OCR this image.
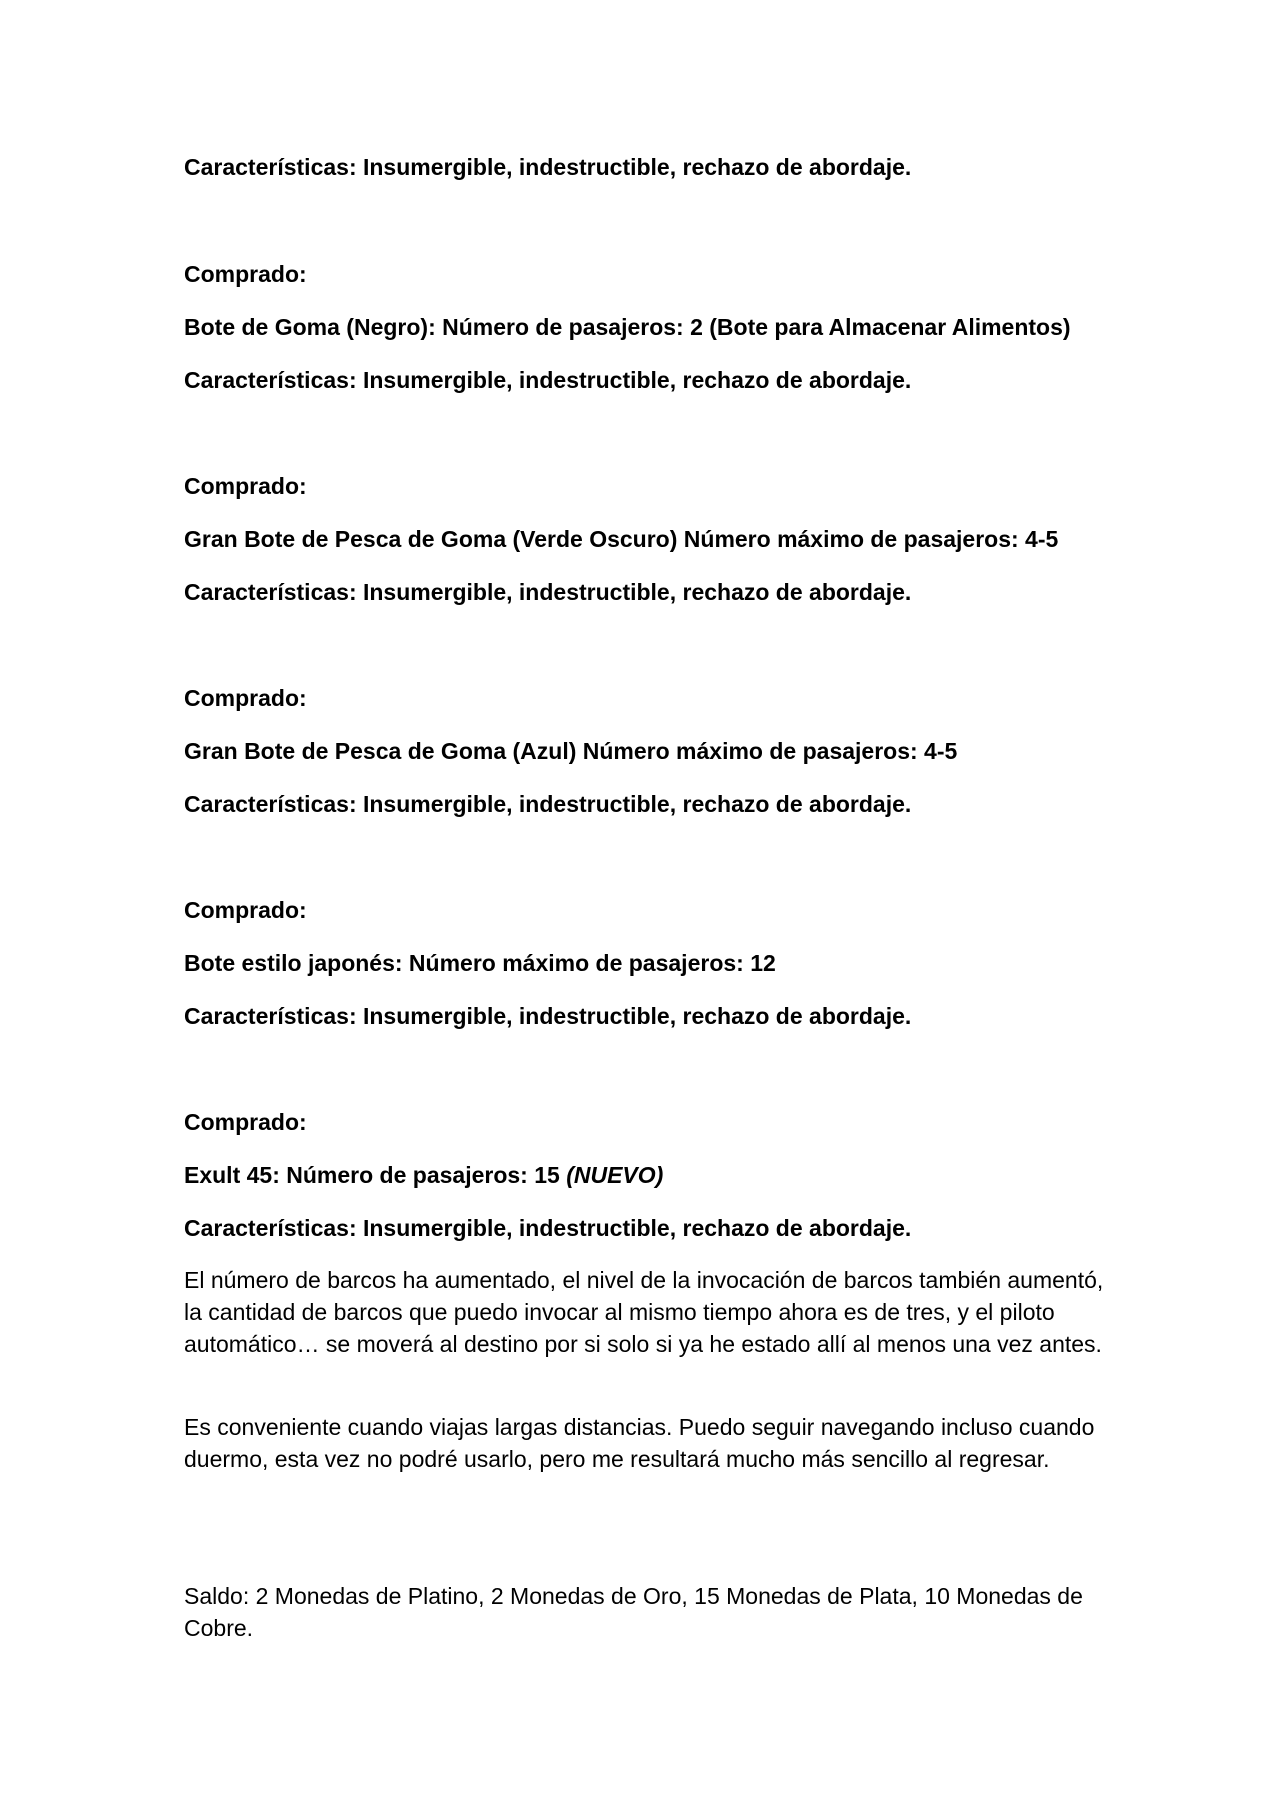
Características: Insumergible, indestructible, rechazo de abordaje.

Comprado:

Bote de Goma (Negro): Número de pasajeros: 2 (Bote para Almacenar Alimentos)

Características: Insumergible, indestructible, rechazo de abordaje.

Comprado:

Gran Bote de Pesca de Goma (Verde Oscuro) Número máximo de pasajeros: 4-5

Características: Insumergible, indestructible, rechazo de abordaje.

Comprado:

Gran Bote de Pesca de Goma (Azul) Número máximo de pasajeros: 4-5

Características: Insumergible, indestructible, rechazo de abordaje.

Comprado:

Bote estilo japonés: Número máximo de pasajeros: 12

Características: Insumergible, indestructible, rechazo de abordaje.

Comprado:

Exult 45: Número de pasajeros: 15 (NUEVO)

Características: Insumergible, indestructible, rechazo de abordaje.

El número de barcos ha aumentado, el nivel de la invocación de barcos también aumentó, la cantidad de barcos que puedo invocar al mismo tiempo ahora es de tres, y el piloto automático… se moverá al destino por si solo si ya he estado allí al menos una vez antes.

Es conveniente cuando viajas largas distancias. Puedo seguir navegando incluso cuando duermo, esta vez no podré usarlo, pero me resultará mucho más sencillo al regresar.

Saldo: 2 Monedas de Platino, 2 Monedas de Oro, 15 Monedas de Plata, 10 Monedas de Cobre.
